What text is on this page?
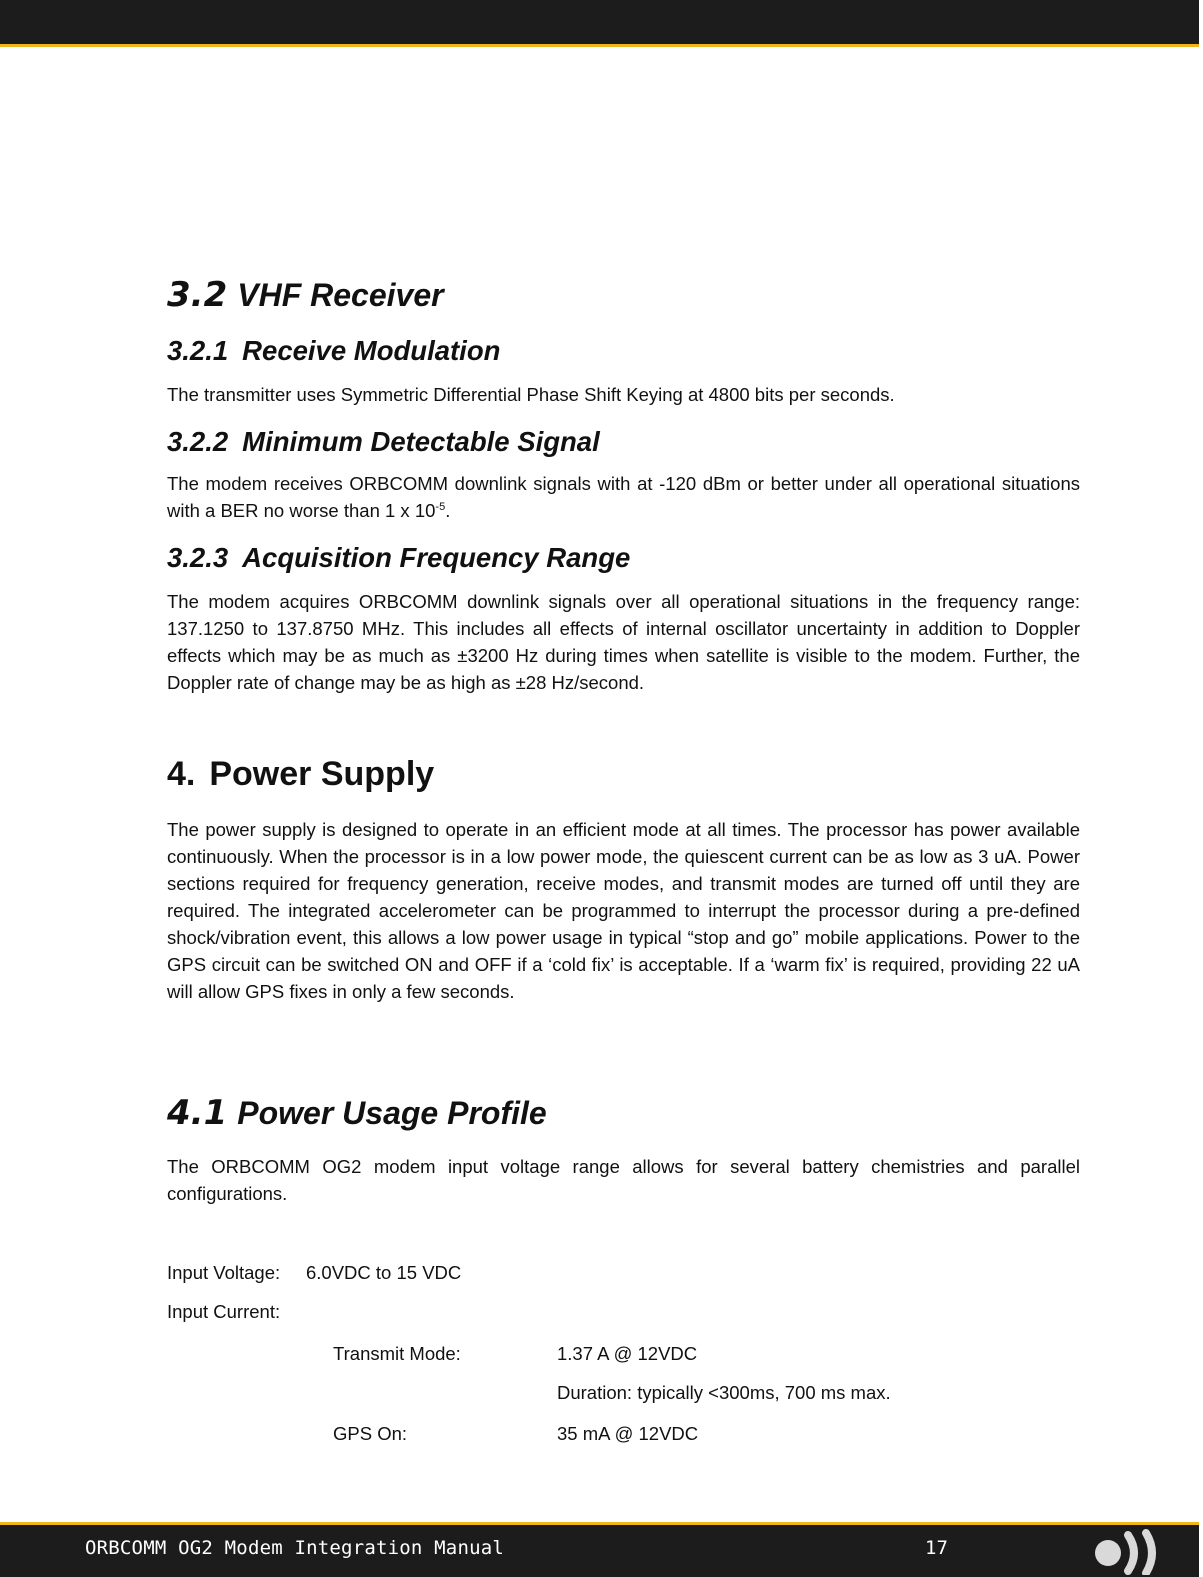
3.2 VHF Receiver
3.2.1 Receive Modulation

The transmitter uses Symmetric Differential Phase Shift Keying at 4800 bits per seconds.

3.2.2 Minimum Detectable Signal

The modem receives ORBCOMM downlink signals with at -120 dBm or better under all operational situations with a BER no worse than 1 x $10^{-5}$.

3.2.3 Acquisition Frequency Range

The modem acquires ORBCOMM downlink signals over all operational situations in the frequency range: 137.1250 to 137.8750 MHz. This includes all effects of internal oscillator uncertainty in addition to Doppler effects which may be as much as ±3200 Hz during times when satellite is visible to the modem. Further, the Doppler rate of change may be as high as ±28 Hz/second.

4. Power Supply

The power supply is designed to operate in an efficient mode at all times. The processor has power available continuously. When the processor is in a low power mode, the quiescent current can be as low as 3 uA. Power sections required for frequency generation, receive modes, and transmit modes are turned off until they are required. The integrated accelerometer can be programmed to interrupt the processor during a pre-defined shock/vibration event, this allows a low power usage in typical “stop and go” mobile applications. Power to the GPS circuit can be switched ON and OFF if a ‘cold fix’ is acceptable. If a ‘warm fix’ is required, providing 22 uA will allow GPS fixes in only a few seconds.

4.1 Power Usage Profile

The ORBCOMM OG2 modem input voltage range allows for several battery chemistries and parallel configurations.

Input Voltage: 6.0VDC to 15 VDC
Input Current:
Transmit Mode:	1.37 A @ 12VDC
Duration: typically <300ms, 700 ms max.
GPS On:	35 mA @ 12VDC
ORBCOMM OG2 Modem Integration Manual	17
